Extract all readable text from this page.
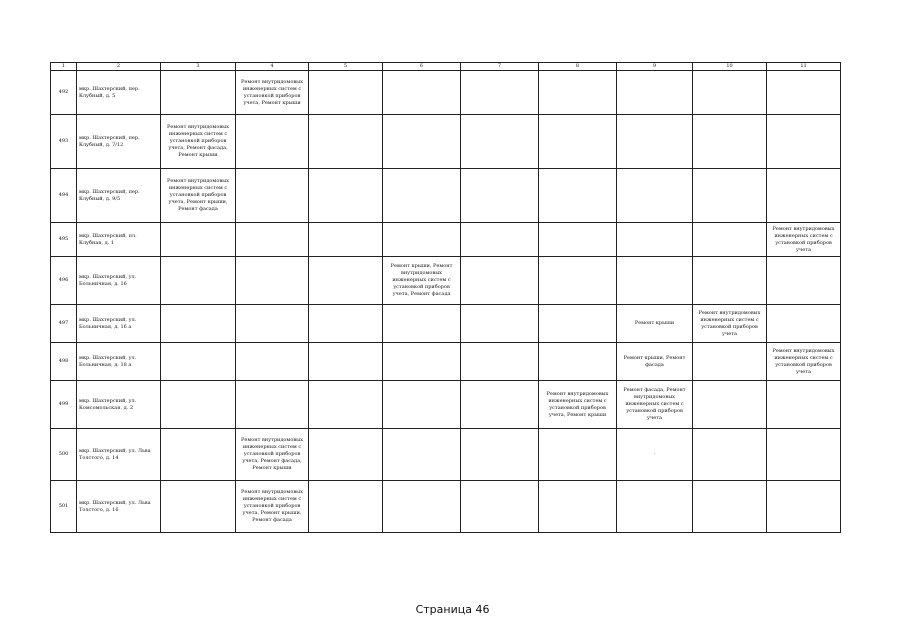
1	2	3	4	5	6	7	8	9	10	11
492	мкр. Шахтерский, пер. Клубный, д. 5		Ремонт внутридомовых инженерных систем с установкой приборов учета, Ремонт крыши							
493	мкр. Шахтерский, пер. Клубный, д. 7/12	Ремонт внутридомовых инженерных систем с установкой приборов учета, Ремонт фасада, Ремонт крыши								
494	мкр. Шахтерский, пер. Клубный, д. 9/5	Ремонт внутридомовых инженерных систем с установкой приборов учета, Ремонт крыши, Ремонт фасада								
495	мкр. Шахтерский, пл. Клубная, д. 1									Ремонт внутридомовых инженерных систем с установкой приборов учета
496	мкр. Шахтерский, ул. Больничная, д. 16				Ремонт крыши, Ремонт внутридомовых инженерных систем с установкой приборов учета, Ремонт фасада					
497	мкр. Шахтерский, ул. Больничная, д. 16 а							Ремонт крыши	Ремонт внутридомовых инженерных систем с установкой приборов учета	
498	мкр. Шахтерский, ул. Больничная, д. 18 а							Ремонт крыши, Ремонт фасада		Ремонт внутридомовых инженерных систем с установкой приборов учета
499	мкр. Шахтерский, ул. Комсомольская, д. 2						Ремонт внутридомовых инженерных систем с установкой приборов учета, Ремонт крыши	Ремонт фасада, Ремонт внутридомовых инженерных систем с установкой приборов учета		
500	мкр. Шахтерский, ул. Льва Толстого, д. 14		Ремонт внутридомовых инженерных систем с установкой приборов учета, Ремонт фасада, Ремонт крыши					·		
501	мкр. Шахтерский, ул. Льва Толстого, д. 16		Ремонт внутридомовых инженерных систем с установкой приборов учета, Ремонт крыши, Ремонт фасада							
Страница 46
